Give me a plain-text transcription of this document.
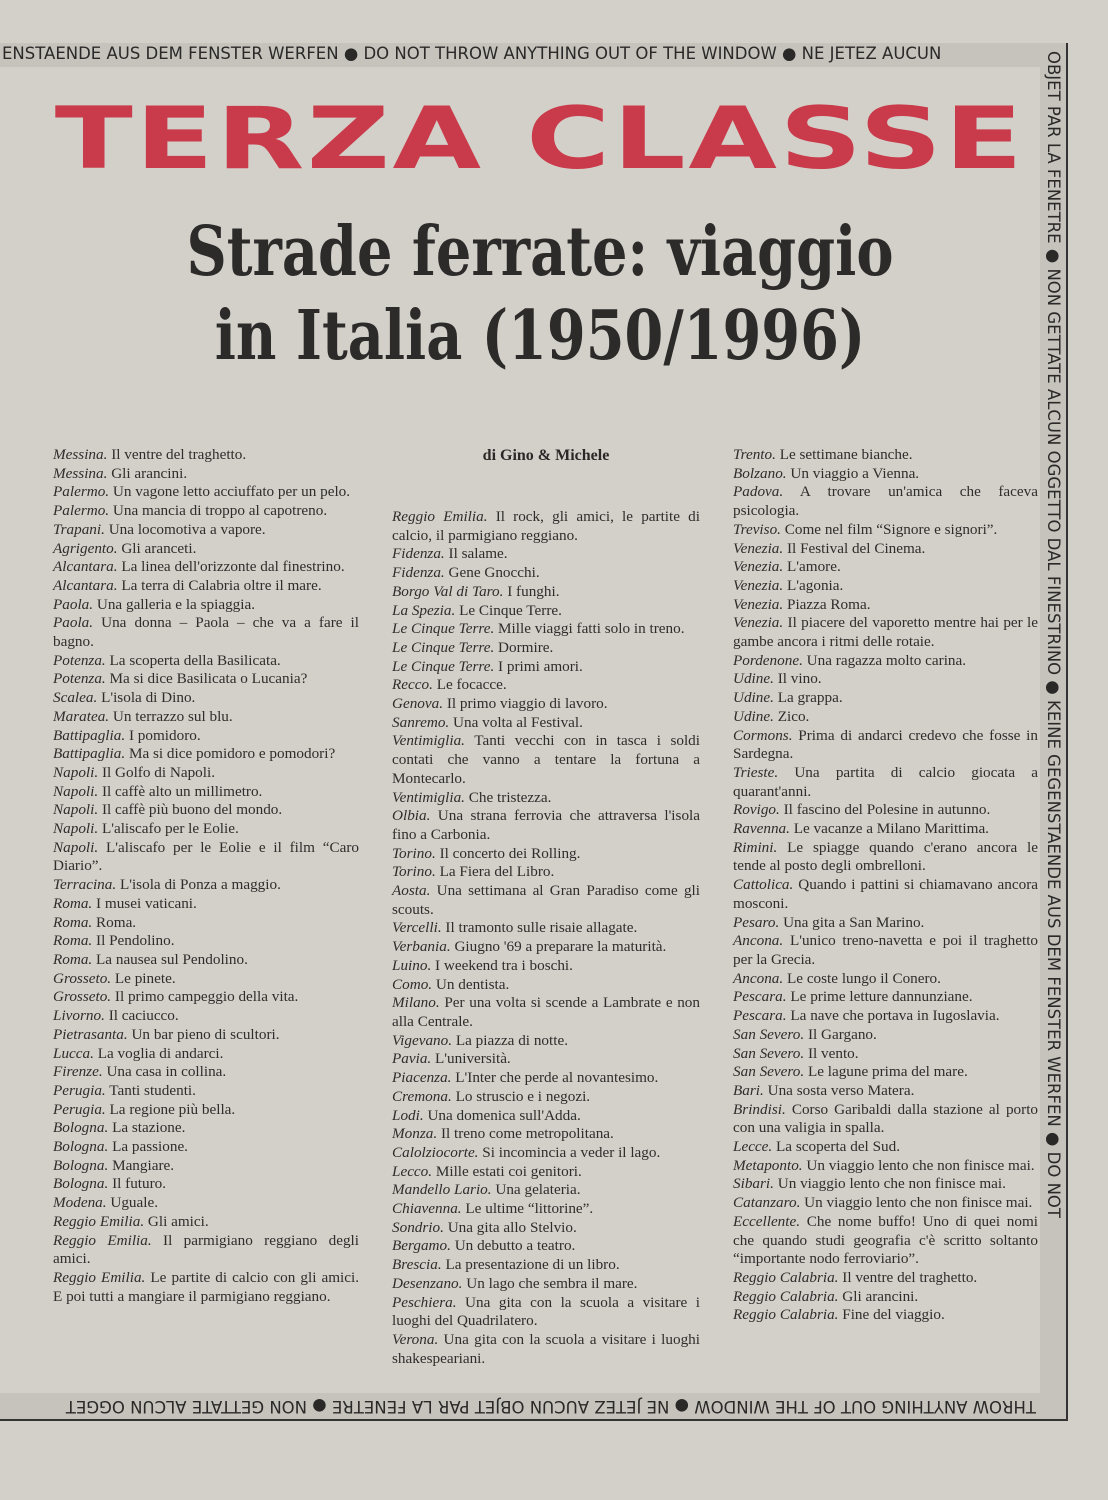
ENSTAENDE AUS DEM FENSTER WERFEN ● DO NOT THROW ANYTHING OUT OF THE WINDOW ● NE JETEZ AUCUN	OBJET PAR LA FENETRE ● NON GETTATE ALCUN OGGETTO DAL FINESTRINO ● KEINE GEGENSTAENDE AUS DEM FENSTER WERFEN ● DO NOT
THROW ANYTHING OUT OF THE WINDOW ● NE JETEZ AUCUN OBJET PAR LA FENETRE ● NON GETTATE ALCUN OGGET
TERZA CLASSE
Strade ferrate: viaggio
in Italia (1950/1996)

Messina. Il ventre del traghetto.

Messina. Gli arancini.

Palermo. Un vagone letto acciuffato per un pelo.

Palermo. Una mancia di troppo al capotreno.

Trapani. Una locomotiva a vapore.

Agrigento. Gli aranceti.

Alcantara. La linea dell'orizzonte dal finestrino.

Alcantara. La terra di Calabria oltre il mare.

Paola. Una galleria e la spiaggia.

Paola. Una donna – Paola – che va a fare il bagno.

Potenza. La scoperta della Basilicata.

Potenza. Ma si dice Basilicata o Lucania?

Scalea. L'isola di Dino.

Maratea. Un terrazzo sul blu.

Battipaglia. I pomidoro.

Battipaglia. Ma si dice pomidoro e pomodori?

Napoli. Il Golfo di Napoli.

Napoli. Il caffè alto un millimetro.

Napoli. Il caffè più buono del mondo.

Napoli. L'aliscafo per le Eolie.

Napoli. L'aliscafo per le Eolie e il film “Caro Diario”.

Terracina. L'isola di Ponza a maggio.

Roma. I musei vaticani.

Roma. Roma.

Roma. Il Pendolino.

Roma. La nausea sul Pendolino.

Grosseto. Le pinete.

Grosseto. Il primo campeggio della vita.

Livorno. Il caciucco.

Pietrasanta. Un bar pieno di scultori.

Lucca. La voglia di andarci.

Firenze. Una casa in collina.

Perugia. Tanti studenti.

Perugia. La regione più bella.

Bologna. La stazione.

Bologna. La passione.

Bologna. Mangiare.

Bologna. Il futuro.

Modena. Uguale.

Reggio Emilia. Gli amici.

Reggio Emilia. Il parmigiano reggiano degli amici.

Reggio Emilia. Le partite di calcio con gli amici. E poi tutti a mangiare il parmigiano reggiano.

di Gino & Michele

Reggio Emilia. Il rock, gli amici, le partite di calcio, il parmigiano reggiano.

Fidenza. Il salame.

Fidenza. Gene Gnocchi.

Borgo Val di Taro. I funghi.

La Spezia. Le Cinque Terre.

Le Cinque Terre. Mille viaggi fatti solo in treno.

Le Cinque Terre. Dormire.

Le Cinque Terre. I primi amori.

Recco. Le focacce.

Genova. Il primo viaggio di lavoro.

Sanremo. Una volta al Festival.

Ventimiglia. Tanti vecchi con in tasca i soldi contati che vanno a tentare la fortuna a Montecarlo.

Ventimiglia. Che tristezza.

Olbia. Una strana ferrovia che attraversa l'isola fino a Carbonia.

Torino. Il concerto dei Rolling.

Torino. La Fiera del Libro.

Aosta. Una settimana al Gran Paradiso come gli scouts.

Vercelli. Il tramonto sulle risaie allagate.

Verbania. Giugno '69 a preparare la maturità.

Luino. I weekend tra i boschi.

Como. Un dentista.

Milano. Per una volta si scende a Lambrate e non alla Centrale.

Vigevano. La piazza di notte.

Pavia. L'università.

Piacenza. L'Inter che perde al novantesimo.

Cremona. Lo struscio e i negozi.

Lodi. Una domenica sull'Adda.

Monza. Il treno come metropolitana.

Calolziocorte. Si incomincia a veder il lago.

Lecco. Mille estati coi genitori.

Mandello Lario. Una gelateria.

Chiavenna. Le ultime “littorine”.

Sondrio. Una gita allo Stelvio.

Bergamo. Un debutto a teatro.

Brescia. La presentazione di un libro.

Desenzano. Un lago che sembra il mare.

Peschiera. Una gita con la scuola a visitare i luoghi del Quadrilatero.

Verona. Una gita con la scuola a visitare i luoghi shakespeariani.

Trento. Le settimane bianche.

Bolzano. Un viaggio a Vienna.

Padova. A trovare un'amica che faceva psicologia.

Treviso. Come nel film “Signore e signori”.

Venezia. Il Festival del Cinema.

Venezia. L'amore.

Venezia. L'agonia.

Venezia. Piazza Roma.

Venezia. Il piacere del vaporetto mentre hai per le gambe ancora i ritmi delle rotaie.

Pordenone. Una ragazza molto carina.

Udine. Il vino.

Udine. La grappa.

Udine. Zico.

Cormons. Prima di andarci credevo che fosse in Sardegna.

Trieste. Una partita di calcio giocata a quarant'anni.

Rovigo. Il fascino del Polesine in autunno.

Ravenna. Le vacanze a Milano Marittima.

Rimini. Le spiagge quando c'erano ancora le tende al posto degli ombrelloni.

Cattolica. Quando i pattini si chiamavano ancora mosconi.

Pesaro. Una gita a San Marino.

Ancona. L'unico treno-navetta e poi il traghetto per la Grecia.

Ancona. Le coste lungo il Conero.

Pescara. Le prime letture dannunziane.

Pescara. La nave che portava in Iugoslavia.

San Severo. Il Gargano.

San Severo. Il vento.

San Severo. Le lagune prima del mare.

Bari. Una sosta verso Matera.

Brindisi. Corso Garibaldi dalla stazione al porto con una valigia in spalla.

Lecce. La scoperta del Sud.

Metaponto. Un viaggio lento che non finisce mai.

Sibari. Un viaggio lento che non finisce mai.

Catanzaro. Un viaggio lento che non finisce mai.

Eccellente. Che nome buffo! Uno di quei nomi che quando studi geografia c'è scritto soltanto “importante nodo ferroviario”.

Reggio Calabria. Il ventre del traghetto.

Reggio Calabria. Gli arancini.

Reggio Calabria. Fine del viaggio.
